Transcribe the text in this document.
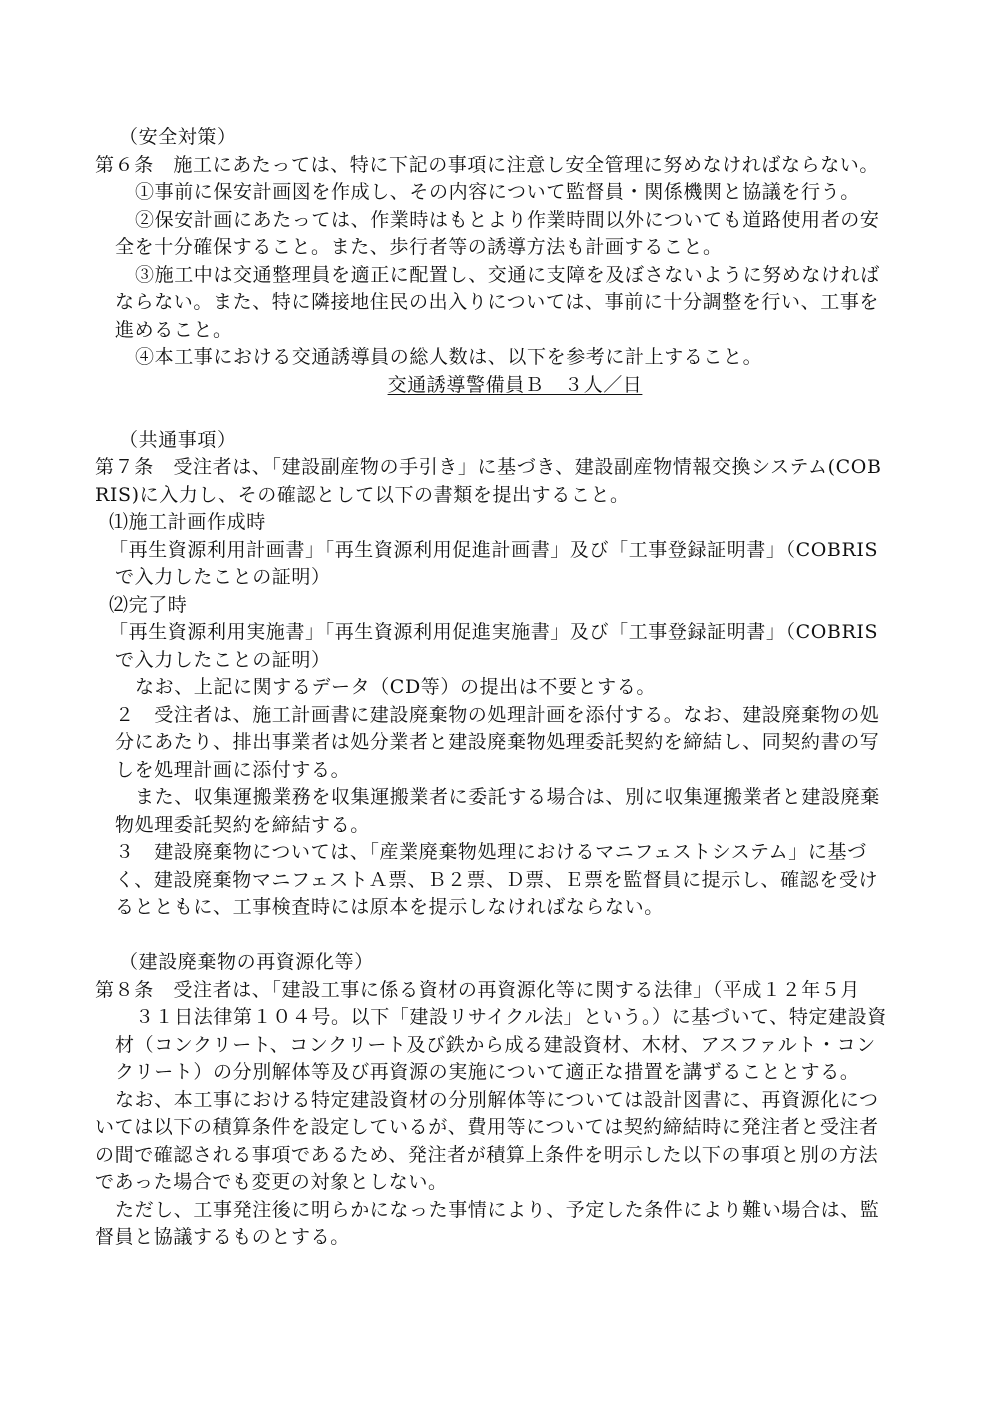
（安全対策）
第６条　施工にあたっては、特に下記の事項に注意し安全管理に努めなければならない。
①事前に保安計画図を作成し、その内容について監督員・関係機関と協議を行う。
②保安計画にあたっては、作業時はもとより作業時間以外についても道路使用者の安
全を十分確保すること。また、歩行者等の誘導方法も計画すること。
③施工中は交通整理員を適正に配置し、交通に支障を及ぼさないように努めなければ
ならない。また、特に隣接地住民の出入りについては、事前に十分調整を行い、工事を
進めること。
④本工事における交通誘導員の総人数は、以下を参考に計上すること。
交通誘導警備員Ｂ　３人／日
（共通事項）
第７条　受注者は、「建設副産物の手引き」に基づき、建設副産物情報交換システム(COB
RIS)に入力し、その確認として以下の書類を提出すること。
⑴施工計画作成時
「再生資源利用計画書」「再生資源利用促進計画書」及び「工事登録証明書」（COBRIS
で入力したことの証明）
⑵完了時
「再生資源利用実施書」「再生資源利用促進実施書」及び「工事登録証明書」（COBRIS
で入力したことの証明）
なお、上記に関するデータ（CD等）の提出は不要とする。
２　受注者は、施工計画書に建設廃棄物の処理計画を添付する。なお、建設廃棄物の処
分にあたり、排出事業者は処分業者と建設廃棄物処理委託契約を締結し、同契約書の写
しを処理計画に添付する。
また、収集運搬業務を収集運搬業者に委託する場合は、別に収集運搬業者と建設廃棄
物処理委託契約を締結する。
３　建設廃棄物については、「産業廃棄物処理におけるマニフェストシステム」に基づ
く、建設廃棄物マニフェストＡ票、Ｂ２票、Ｄ票、Ｅ票を監督員に提示し、確認を受け
るとともに、工事検査時には原本を提示しなければならない。
（建設廃棄物の再資源化等）
第８条　受注者は、「建設工事に係る資材の再資源化等に関する法律」（平成１２年５月
３１日法律第１０４号。以下「建設リサイクル法」という。）に基づいて、特定建設資
材（コンクリート、コンクリート及び鉄から成る建設資材、木材、アスファルト・コン
クリート）の分別解体等及び再資源の実施について適正な措置を講ずることとする。
なお、本工事における特定建設資材の分別解体等については設計図書に、再資源化につ
いては以下の積算条件を設定しているが、費用等については契約締結時に発注者と受注者
の間で確認される事項であるため、発注者が積算上条件を明示した以下の事項と別の方法
であった場合でも変更の対象としない。
ただし、工事発注後に明らかになった事情により、予定した条件により難い場合は、監
督員と協議するものとする。
